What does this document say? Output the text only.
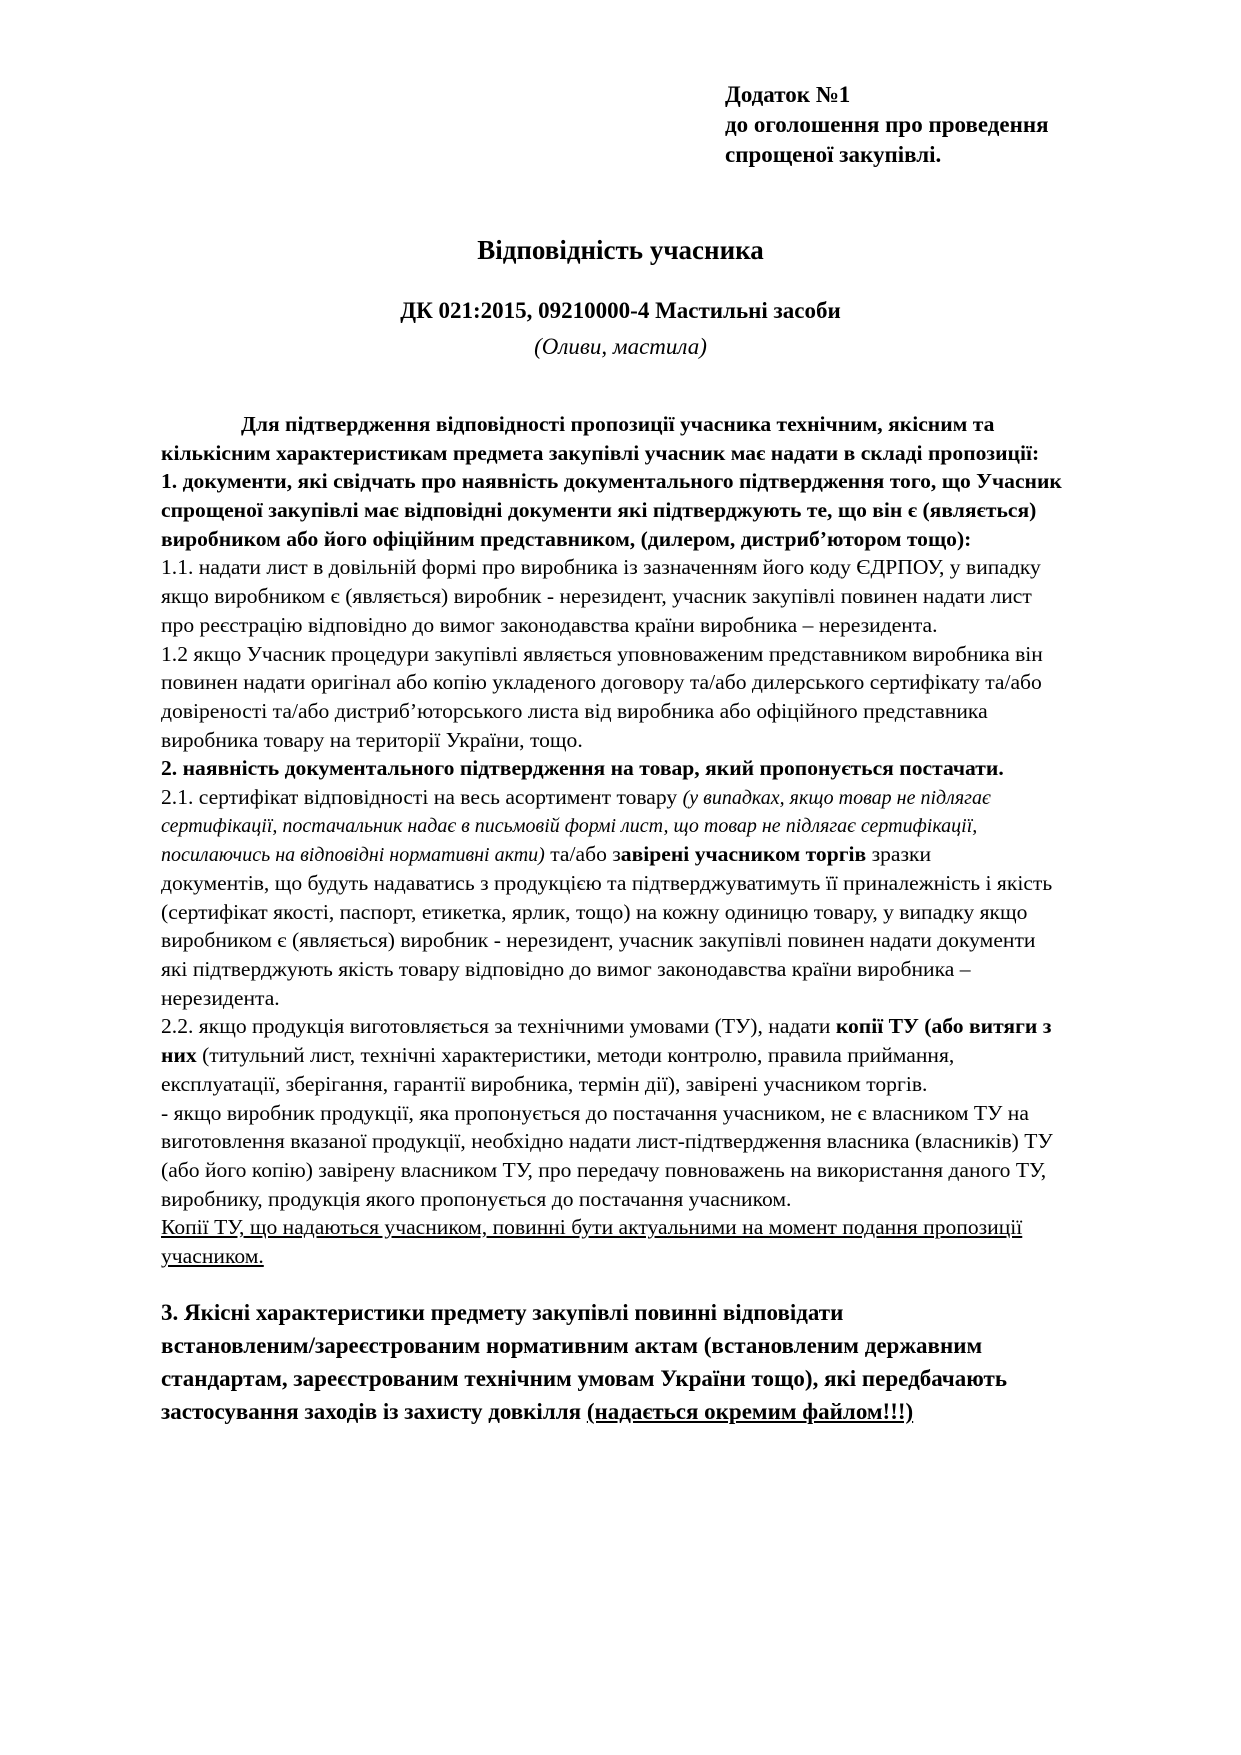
Додаток №1
до оголошення про проведення
спрощеної закупівлі.
Відповідність учасника
ДК 021:2015, 09210000-4 Мастильні засоби
(Оливи, мастила)
Для підтвердження відповідності пропозиції учасника технічним, якісним та
кількісним характеристикам предмета закупівлі учасник має надати в складі пропозиції:
1. документи, які свідчать про наявність документального підтвердження того, що Учасник
спрощеної закупівлі має відповідні документи які підтверджують те, що він є (являється)
виробником або його офіційним представником, (дилером, дистриб’ютором тощо):
1.1. надати лист в довільній формі про виробника із зазначенням його коду ЄДРПОУ, у випадку
якщо виробником є (являється) виробник - нерезидент, учасник закупівлі повинен надати лист
про реєстрацію відповідно до вимог законодавства країни виробника – нерезидента.
1.2 якщо Учасник процедури закупівлі являється уповноваженим представником виробника він
повинен надати оригінал або копію укладеного договору та/або дилерського сертифікату та/або
довіреності та/або дистриб’юторського листа від виробника або офіційного представника
виробника товару на території України, тощо.
2. наявність документального підтвердження на товар, який пропонується постачати.
2.1. сертифікат відповідності на весь асортимент товару (у випадках, якщо товар не підлягає
сертифікації, постачальник надає в письмовій формі лист, що товар не підлягає сертифікації,
посилаючись на відповідні нормативні акти) та/або завірені учасником торгів зразки
документів, що будуть надаватись з продукцією та підтверджуватимуть її приналежність і якість
(сертифікат якості, паспорт, етикетка, ярлик, тощо) на кожну одиницю товару, у випадку якщо
виробником є (являється) виробник - нерезидент, учасник закупівлі повинен надати документи
які підтверджують якість товару відповідно до вимог законодавства країни виробника –
нерезидента.
2.2. якщо продукція виготовляється за технічними умовами (ТУ), надати копії ТУ (або витяги з
них (титульний лист, технічні характеристики, методи контролю, правила приймання,
експлуатації, зберігання, гарантії виробника, термін дії), завірені учасником торгів.
- якщо виробник продукції, яка пропонується до постачання учасником, не є власником ТУ на
виготовлення вказаної продукції, необхідно надати лист-підтвердження власника (власників) ТУ
(або його копію) завірену власником ТУ, про передачу повноважень на використання даного ТУ,
виробнику, продукція якого пропонується до постачання учасником.
Копії ТУ, що надаються учасником, повинні бути актуальними на момент подання пропозиції
учасником.
3. Якісні характеристики предмету закупівлі повинні відповідати
встановленим/зареєстрованим нормативним актам (встановленим державним
стандартам, зареєстрованим технічним умовам України тощо), які передбачають
застосування заходів із захисту довкілля (надається окремим файлом!!!)
